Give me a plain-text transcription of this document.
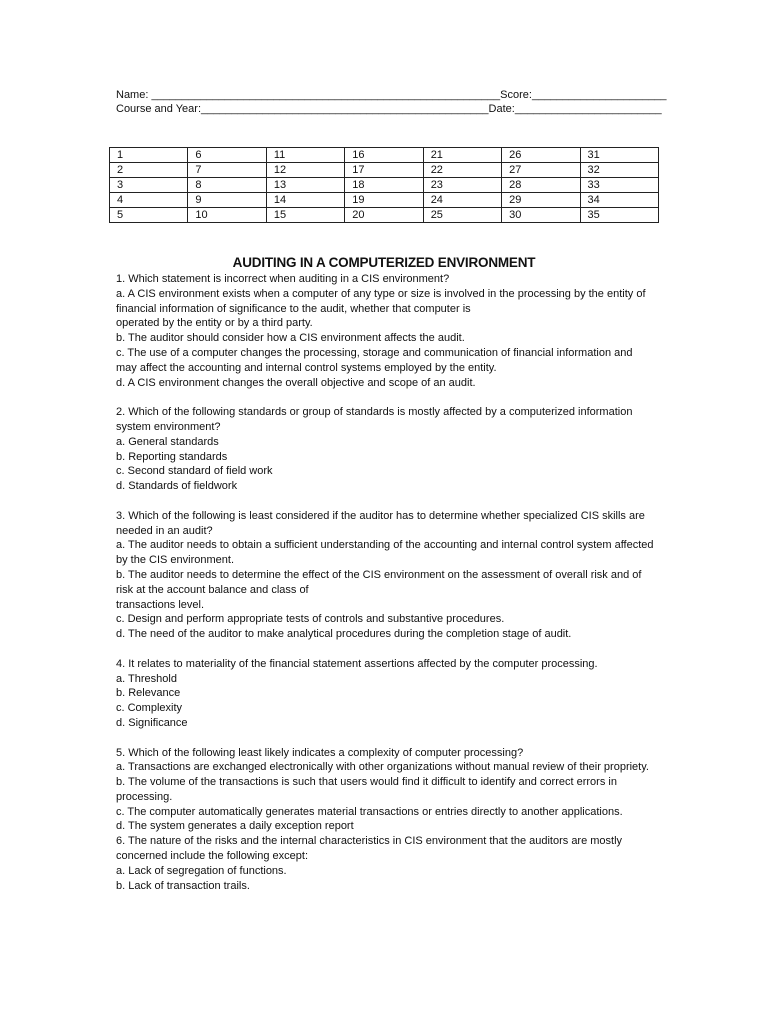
Name: _________________________________________________________Score:______________________
Course and Year:_______________________________________________Date:________________________
1	6	11	16	21	26	31
2	7	12	17	22	27	32
3	8	13	18	23	28	33
4	9	14	19	24	29	34
5	10	15	20	25	30	35
AUDITING IN A COMPUTERIZED ENVIRONMENT

1. Which statement is incorrect when auditing in a CIS environment?

a. A CIS environment exists when a computer of any type or size is involved in the processing by the entity of financial information of significance to the audit, whether that computer is

operated by the entity or by a third party.

b. The auditor should consider how a CIS environment affects the audit.

c. The use of a computer changes the processing, storage and communication of financial information and may affect the accounting and internal control systems employed by the entity.

d. A CIS environment changes the overall objective and scope of an audit.

2. Which of the following standards or group of standards is mostly affected by a computerized information system environment?

a. General standards

b. Reporting standards

c. Second standard of field work

d. Standards of fieldwork

3. Which of the following is least considered if the auditor has to determine whether specialized CIS skills are needed in an audit?

a. The auditor needs to obtain a sufficient understanding of the accounting and internal control system affected by the CIS environment.

b. The auditor needs to determine the effect of the CIS environment on the assessment of overall risk and of risk at the account balance and class of

transactions level.

c. Design and perform appropriate tests of controls and substantive procedures.

d. The need of the auditor to make analytical procedures during the completion stage of audit.

4. It relates to materiality of the financial statement assertions affected by the computer processing.

a. Threshold

b. Relevance

c. Complexity

d. Significance

5. Which of the following least likely indicates a complexity of computer processing?

a. Transactions are exchanged electronically with other organizations without manual review of their propriety.

b. The volume of the transactions is such that users would find it difficult to identify and correct errors in processing.

c. The computer automatically generates material transactions or entries directly to another applications.

d. The system generates a daily exception report

6. The nature of the risks and the internal characteristics in CIS environment that the auditors are mostly concerned include the following except:

a. Lack of segregation of functions.

b. Lack of transaction trails.
